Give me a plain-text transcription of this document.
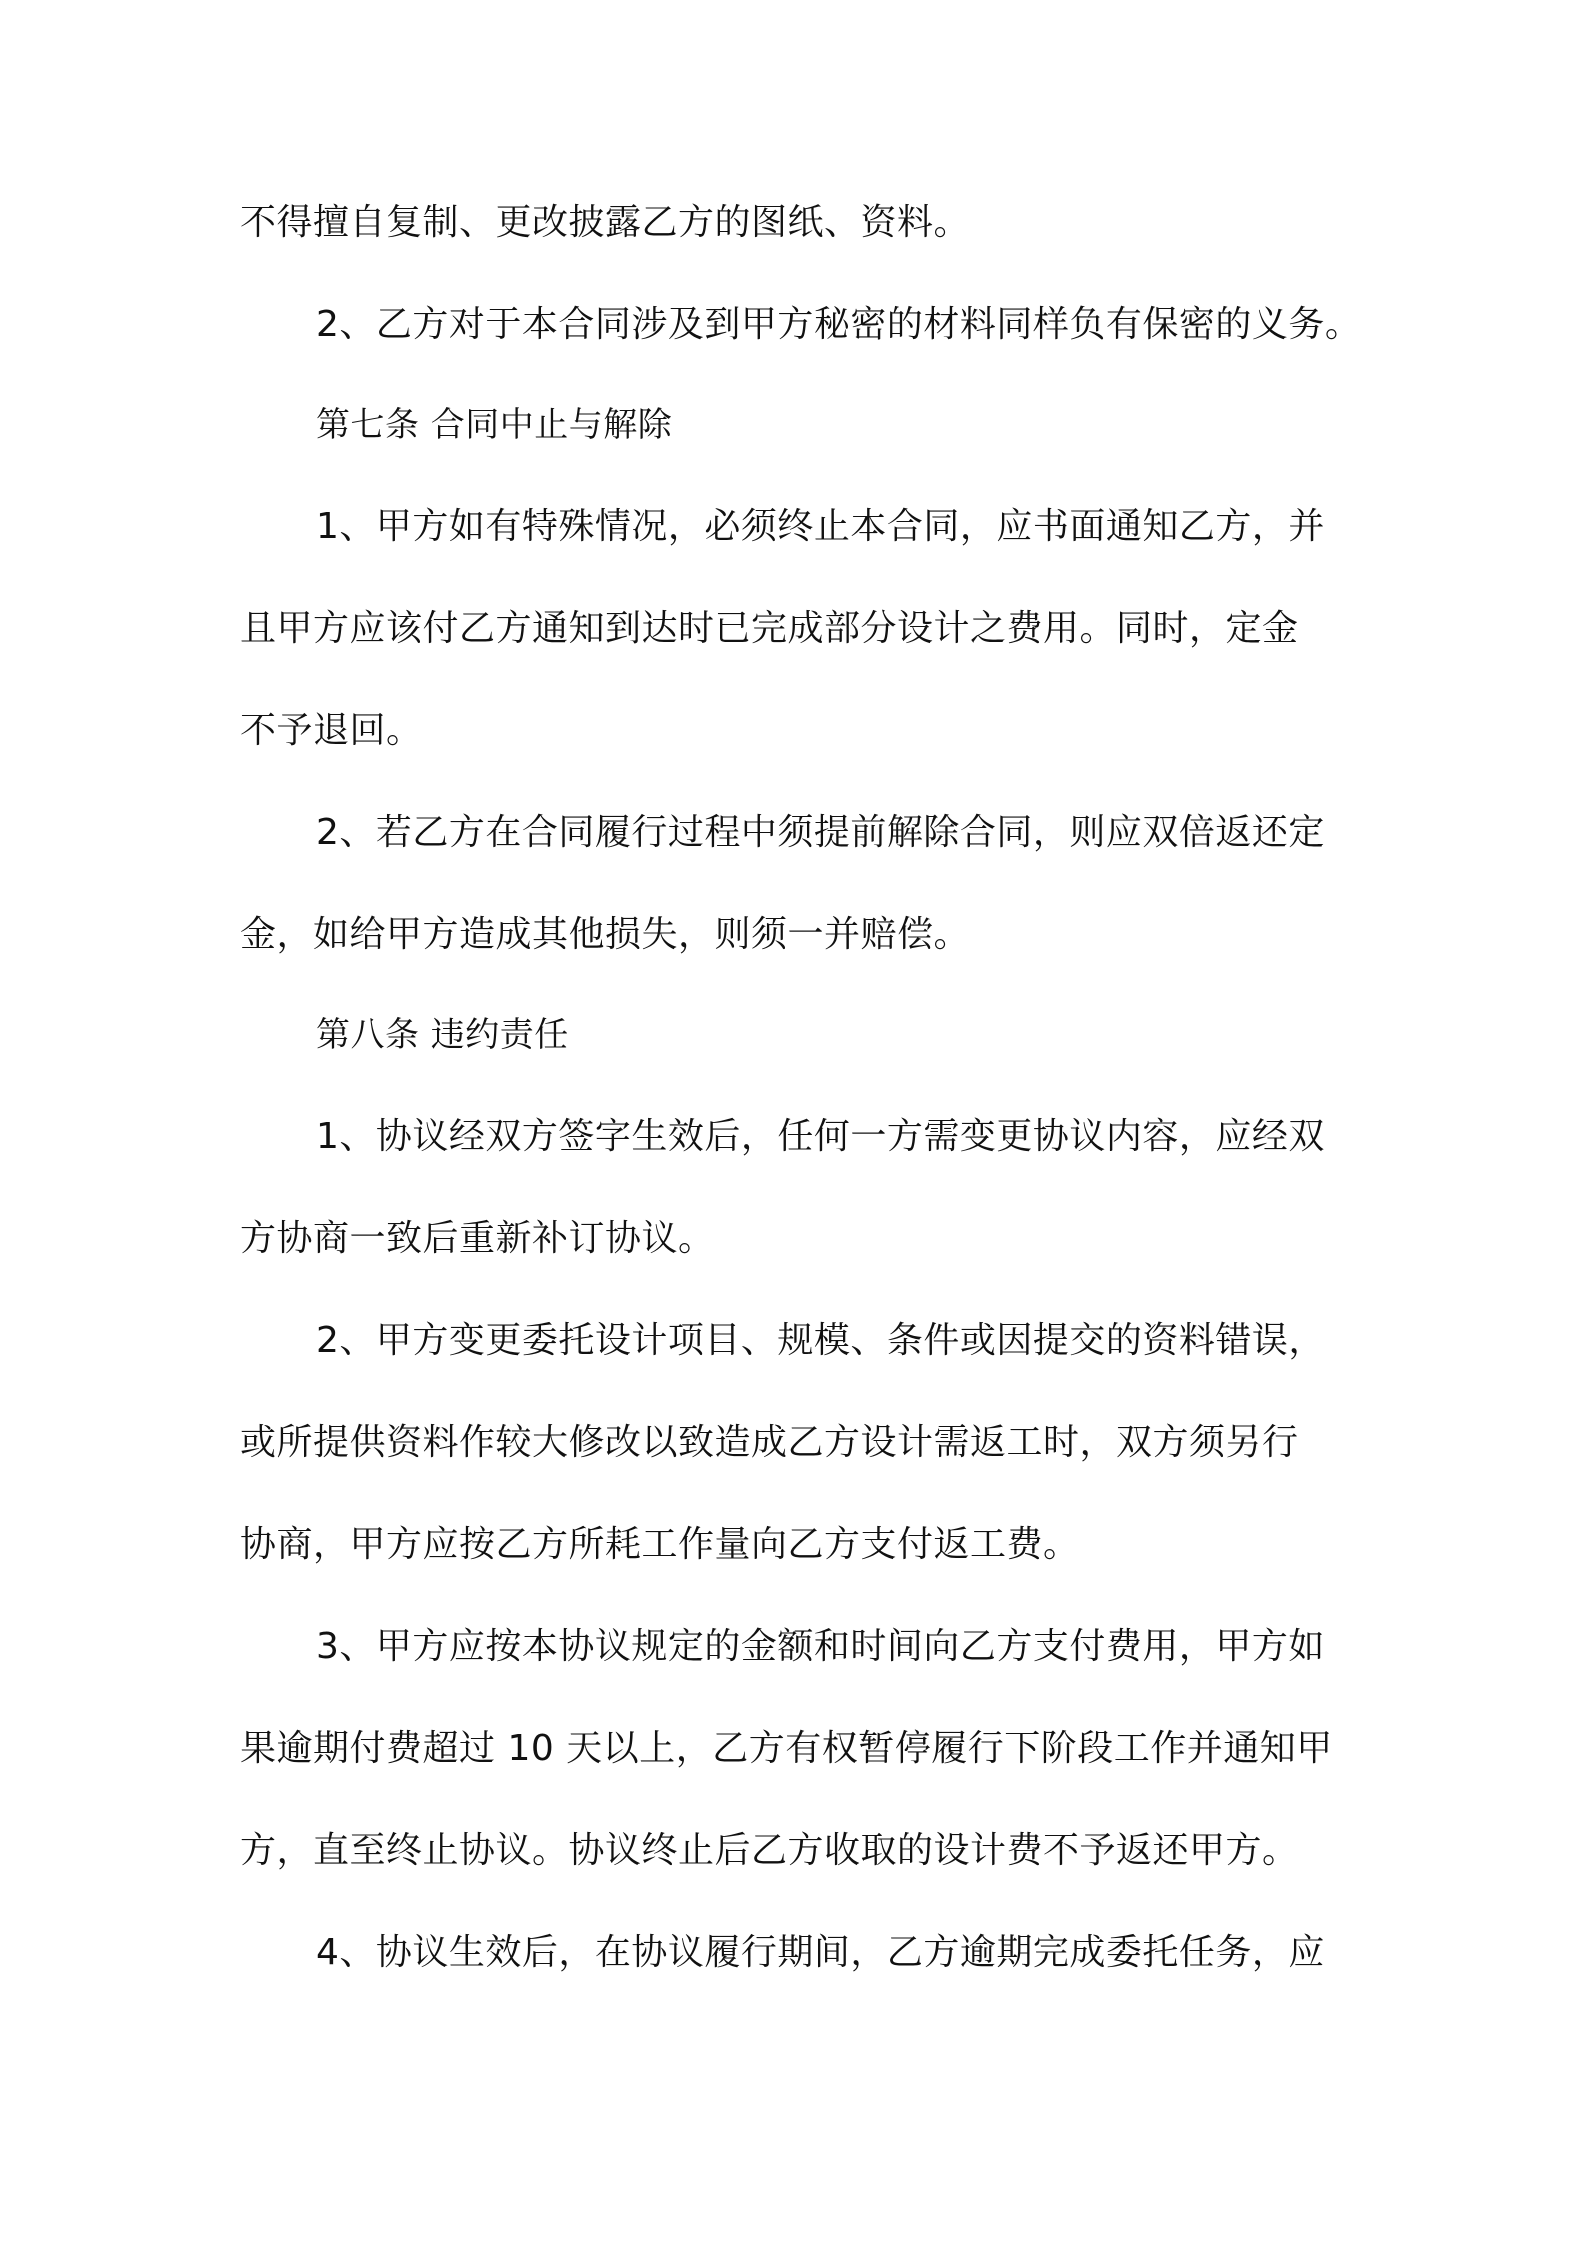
不得擅自复制、更改披露乙方的图纸、资料。
2、乙方对于本合同涉及到甲方秘密的材料同样负有保密的义务。
第七条 合同中止与解除
1、甲方如有特殊情况，必须终止本合同，应书面通知乙方，并
且甲方应该付乙方通知到达时已完成部分设计之费用。同时，定金
不予退回。
2、若乙方在合同履行过程中须提前解除合同，则应双倍返还定
金，如给甲方造成其他损失，则须一并赔偿。
第八条 违约责任
1、协议经双方签字生效后，任何一方需变更协议内容，应经双
方协商一致后重新补订协议。
2、甲方变更委托设计项目、规模、条件或因提交的资料错误，
或所提供资料作较大修改以致造成乙方设计需返工时，双方须另行
协商，甲方应按乙方所耗工作量向乙方支付返工费。
3、甲方应按本协议规定的金额和时间向乙方支付费用，甲方如
果逾期付费超过 10 天以上，乙方有权暂停履行下阶段工作并通知甲
方，直至终止协议。协议终止后乙方收取的设计费不予返还甲方。
4、协议生效后，在协议履行期间，乙方逾期完成委托任务，应
